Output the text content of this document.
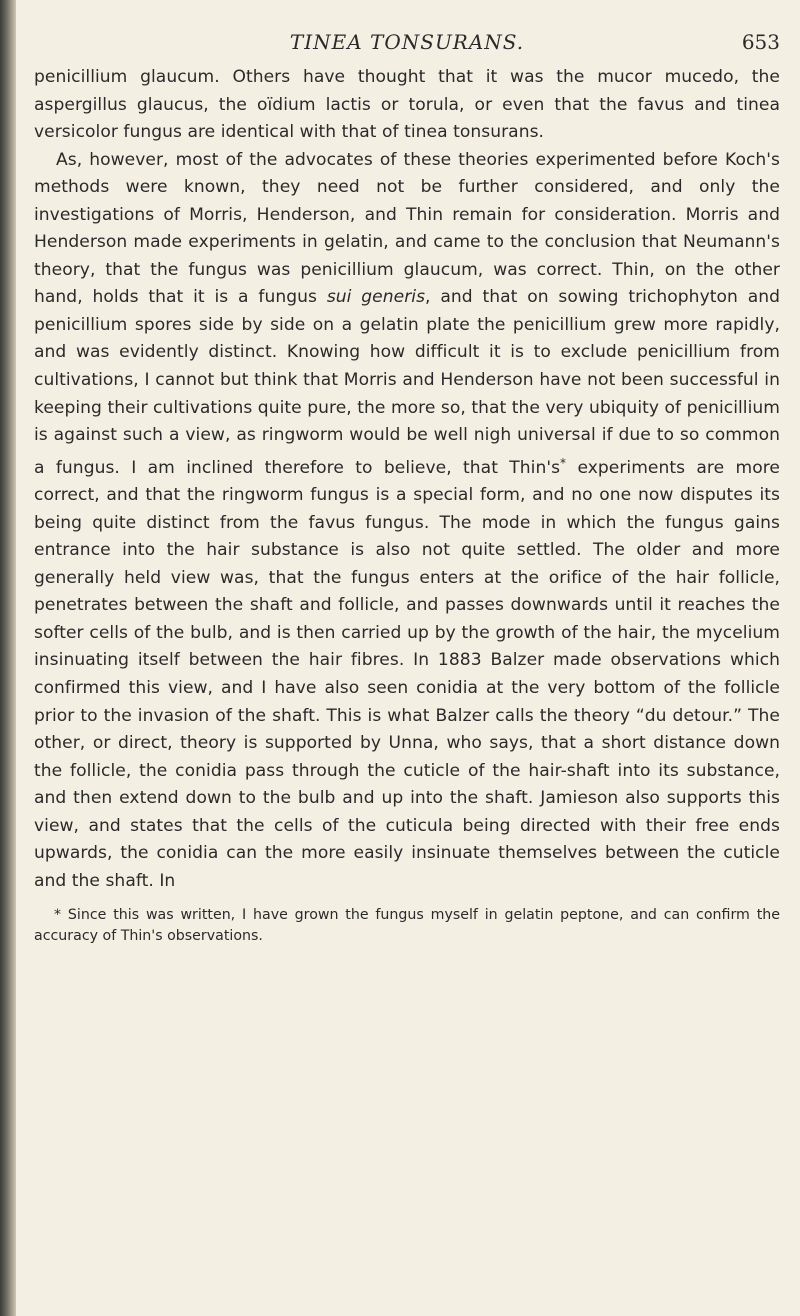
TINEA TONSURANS.	653

penicillium glaucum. Others have thought that it was the mucor mucedo, the aspergillus glaucus, the oïdium lactis or torula, or even that the favus and tinea versicolor fungus are identical with that of tinea tonsurans.

As, however, most of the advocates of these theories experimented before Koch's methods were known, they need not be further considered, and only the investigations of Morris, Henderson, and Thin remain for consideration. Morris and Henderson made experiments in gelatin, and came to the conclusion that Neumann's theory, that the fungus was penicillium glaucum, was correct. Thin, on the other hand, holds that it is a fungus sui generis, and that on sowing trichophyton and penicillium spores side by side on a gelatin plate the penicillium grew more rapidly, and was evidently distinct. Knowing how difficult it is to exclude penicillium from cultivations, I cannot but think that Morris and Henderson have not been successful in keeping their cultivations quite pure, the more so, that the very ubiquity of penicillium is against such a view, as ringworm would be well nigh universal if due to so common a fungus. I am inclined therefore to believe, that Thin's* experiments are more correct, and that the ringworm fungus is a special form, and no one now disputes its being quite distinct from the favus fungus. The mode in which the fungus gains entrance into the hair substance is also not quite settled. The older and more generally held view was, that the fungus enters at the orifice of the hair follicle, penetrates between the shaft and follicle, and passes downwards until it reaches the softer cells of the bulb, and is then carried up by the growth of the hair, the mycelium insinuating itself between the hair fibres. In 1883 Balzer made observations which confirmed this view, and I have also seen conidia at the very bottom of the follicle prior to the invasion of the shaft. This is what Balzer calls the theory “du detour.” The other, or direct, theory is supported by Unna, who says, that a short distance down the follicle, the conidia pass through the cuticle of the hair-shaft into its substance, and then extend down to the bulb and up into the shaft. Jamieson also supports this view, and states that the cells of the cuticula being directed with their free ends upwards, the conidia can the more easily insinuate themselves between the cuticle and the shaft. In

* Since this was written, I have grown the fungus myself in gelatin peptone, and can confirm the accuracy of Thin's observations.
